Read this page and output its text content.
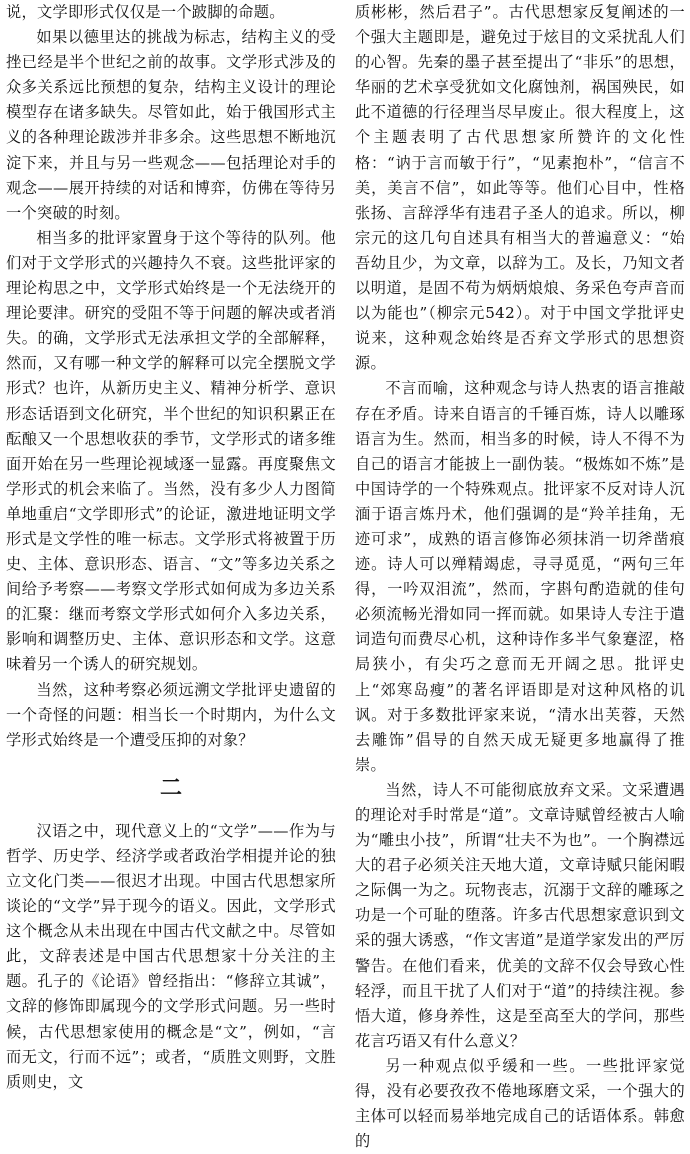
说，文学即形式仅仅是一个跛脚的命题。

如果以德里达的挑战为标志，结构主义的受挫已经是半个世纪之前的故事。文学形式涉及的众多关系远比预想的复杂，结构主义设计的理论模型存在诸多缺失。尽管如此，始于俄国形式主义的各种理论跋涉并非多余。这些思想不断地沉淀下来，并且与另一些观念——包括理论对手的观念——展开持续的对话和博弈，仿佛在等待另一个突破的时刻。

相当多的批评家置身于这个等待的队列。他们对于文学形式的兴趣持久不衰。这些批评家的理论构思之中，文学形式始终是一个无法绕开的理论要津。研究的受阻不等于问题的解决或者消失。的确，文学形式无法承担文学的全部解释，然而，又有哪一种文学的解释可以完全摆脱文学形式？也许，从新历史主义、精神分析学、意识形态话语到文化研究，半个世纪的知识积累正在酝酿又一个思想收获的季节，文学形式的诸多维面开始在另一些理论视域逐一显露。再度聚焦文学形式的机会来临了。当然，没有多少人力图简单地重启“文学即形式”的论证，激进地证明文学形式是文学性的唯一标志。文学形式将被置于历史、主体、意识形态、语言、“文”等多边关系之间给予考察——考察文学形式如何成为多边关系的汇聚：继而考察文学形式如何介入多边关系，影响和调整历史、主体、意识形态和文学。这意味着另一个诱人的研究规划。

当然，这种考察必须远溯文学批评史遗留的一个奇怪的问题：相当长一个时期内，为什么文学形式始终是一个遭受压抑的对象？

二

汉语之中，现代意义上的“文学”——作为与哲学、历史学、经济学或者政治学相提并论的独立文化门类——很迟才出现。中国古代思想家所谈论的“文学”异于现今的语义。因此，文学形式这个概念从未出现在中国古代文献之中。尽管如此，文辞表述是中国古代思想家十分关注的主题。孔子的《论语》曾经指出：“修辞立其诚”，文辞的修饰即属现今的文学形式问题。另一些时候，古代思想家使用的概念是“文”，例如，“言而无文，行而不远”；或者，“质胜文则野，文胜质则史，文

质彬彬，然后君子”。古代思想家反复阐述的一个强大主题即是，避免过于炫目的文采扰乱人们的心智。先秦的墨子甚至提出了“非乐”的思想，华丽的艺术享受犹如文化腐蚀剂，祸国殃民，如此不道德的行径理当尽早废止。很大程度上，这个主题表明了古代思想家所赞许的文化性格：“讷于言而敏于行”，“见素抱朴”，“信言不美，美言不信”，如此等等。他们心目中，性格张扬、言辞浮华有违君子圣人的追求。所以，柳宗元的这几句自述具有相当大的普遍意义：“始吾幼且少，为文章，以辞为工。及长，乃知文者以明道，是固不苟为炳炳烺烺、务采色夸声音而以为能也”（柳宗元542）。对于中国文学批评史说来，这种观念始终是否弃文学形式的思想资源。

不言而喻，这种观念与诗人热衷的语言推敲存在矛盾。诗来自语言的千锤百炼，诗人以雕琢语言为生。然而，相当多的时候，诗人不得不为自己的语言才能披上一副伪装。“极炼如不炼”是中国诗学的一个特殊观点。批评家不反对诗人沉湎于语言炼丹术，他们强调的是“羚羊挂角，无迹可求”，成熟的语言修饰必须抹消一切斧凿痕迹。诗人可以殚精竭虑，寻寻觅觅，“两句三年得，一吟双泪流”，然而，字斟句酌造就的佳句必须流畅光滑如同一挥而就。如果诗人专注于遣词造句而费尽心机，这种诗作多半气象蹇涩，格局狭小，有尖巧之意而无开阔之思。批评史上“郊寒岛瘦”的著名评语即是对这种风格的讥讽。对于多数批评家来说，“清水出芙蓉，天然去雕饰”倡导的自然天成无疑更多地赢得了推崇。

当然，诗人不可能彻底放弃文采。文采遭遇的理论对手时常是“道”。文章诗赋曾经被古人喻为“雕虫小技”，所谓“壮夫不为也”。一个胸襟远大的君子必须关注天地大道，文章诗赋只能闲暇之际偶一为之。玩物丧志，沉溺于文辞的雕琢之功是一个可耻的堕落。许多古代思想家意识到文采的强大诱惑，“作文害道”是道学家发出的严厉警告。在他们看来，优美的文辞不仅会导致心性轻浮，而且干扰了人们对于“道”的持续注视。参悟大道，修身养性，这是至高至大的学问，那些花言巧语又有什么意义？

另一种观点似乎缓和一些。一些批评家觉得，没有必要孜孜不倦地琢磨文采，一个强大的主体可以轻而易举地完成自己的话语体系。韩愈的
